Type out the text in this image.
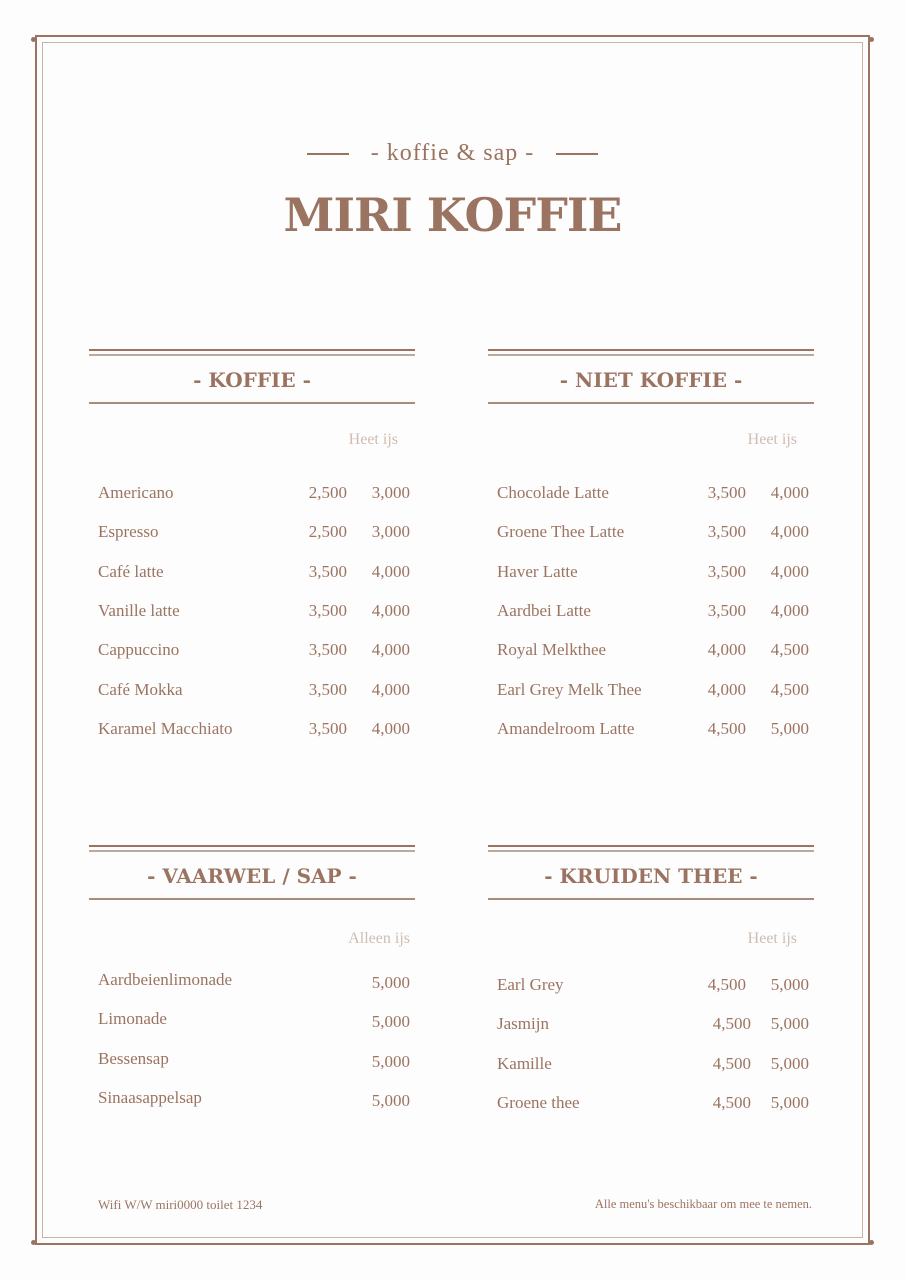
- koffie & sap -
MIRI KOFFIE
- KOFFIE -
Heet ijs
Americano	2,500 3,000
Espresso	2,500 3,000
Café latte	3,500 4,000
Vanille latte	3,500 4,000
Cappuccino	3,500 4,000
Café Mokka	3,500 4,000
Karamel Macchiato	3,500 4,000
- NIET KOFFIE -
Heet ijs
Chocolade Latte	3,500 4,000
Groene Thee Latte	3,500 4,000
Haver Latte	3,500 4,000
Aardbei Latte	3,500 4,000
Royal Melkthee	4,000 4,500
Earl Grey Melk Thee	4,000 4,500
Amandelroom Latte	4,500 5,000
- VAARWEL / SAP -
Alleen ijs
Aardbeienlimonade	5,000
Limonade	5,000
Bessensap	5,000
Sinaasappelsap	5,000
- KRUIDEN THEE -
Heet ijs
Earl Grey	4,500 5,000
Jasmijn	4,500 5,000
Kamille	4,500 5,000
Groene thee	4,500 5,000
Wifi W/W miri0000 toilet 1234	Alle menu's beschikbaar om mee te nemen.
